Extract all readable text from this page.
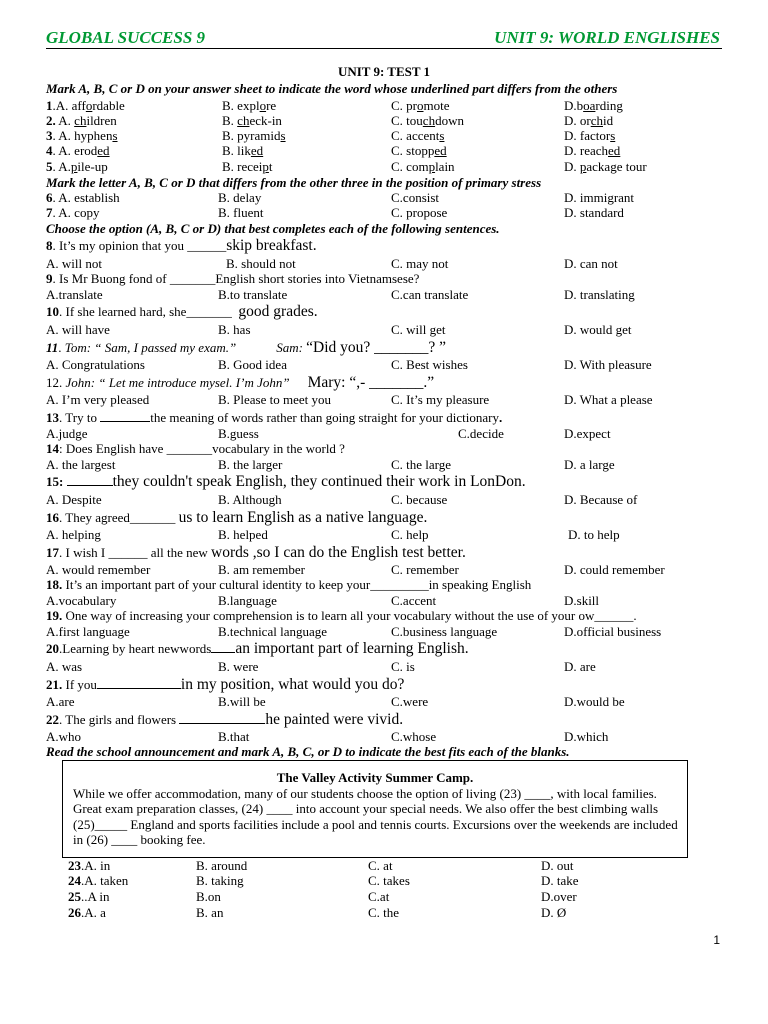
GLOBAL SUCCESS 9	UNIT 9: WORLD ENGLISHES
UNIT 9: TEST 1
Mark A, B, C or D on your answer sheet to indicate the word whose underlined part differs from the others
1.A. affordable	B. explore	C. promote	D.boarding
2. A. children	B. check-in	C. touchdown	D. orchid
3. A. hyphens	B. pyramids	C. accents	D. factors
4. A. eroded	B. liked	C. stopped	D. reached
5. A.pile-up	B. receipt	C. complain	D. package tour
Mark the letter A, B, C or D that differs from the other three in the position of primary stress
6. A. establish	B. delay	C.consist	D. immigrant
7. A. copy	B. fluent	C. propose	D. standard
Choose the option (A, B, C or D) that best completes each of the following sentences.
8. It’s my opinion that you ______skip breakfast.
A. will not	B. should not	C. may not	D. can not
9. Is Mr Buong fond of _______English short stories into Vietnamsese?
A.translate	B.to translate	C.can translate	D. translating
10. If she learned hard, she_______ good grades.
A. will have	B. has	C. will get	D. would get
11. Tom: “ Sam, I passed my exam.”	Sam: “Did you? _______? ”
A. Congratulations	B. Good idea	C. Best wishes	D. With pleasure
12. John: “ Let me introduce mysel. I’m John” Mary: “,- _______.”
A. I’m very pleased	B. Please to meet you	C. It’s my pleasure	D. What a please
13. Try to	the meaning of words rather than going straight for your dictionary.
A.judge	B.guess	C.decide	D.expect
14: Does English have _______vocabulary in the world ?
A. the largest	B. the larger	C. the large	D. a large
15:	they couldn't speak English, they continued their work in LonDon.
A. Despite	B. Although	C. because	D. Because of
16. They agreed_______ us to learn English as a native language.
A. helping	B. helped	C. help	D. to help
17. I wish I ______ all the new words ,so I can do the English test better.
A. would remember	B. am remember	C. remember	D. could remember
18. It’s an important part of your cultural identity to keep your_________in speaking English
A.vocabulary	B.language	C.accent	D.skill
19. One way of increasing your comprehension is to learn all your vocabulary without the use of your ow______.
A.first language	B.technical language	C.business language	D.official business
20.Learning by heart newwords an important part of learning English.
A. was	B. were	C. is	D. are
21. If you	in my position, what would you do?
A.are	B.will be	C.were	D.would be
22. The girls and flowers	he painted were vivid.
A.who	B.that	C.whose	D.which
Read the school announcement and mark A, B, C, or D to indicate the best fits each of the blanks.
The Valley Activity Summer Camp.
While we offer accommodation, many of our students choose the option of living (23) ____, with local families. Great exam preparation classes, (24) ____ into account your special needs. We also offer the best climbing walls (25)_____ England and sports facilities include a pool and tennis courts. Excursions over the weekends are included in (26) ____ booking fee.
23.A. in	B. around	C. at	D. out
24.A. taken	B. taking	C. takes	D. take
25..A in	B.on	C.at	D.over
26.A. a	B. an	C. the	D. Ø
1
